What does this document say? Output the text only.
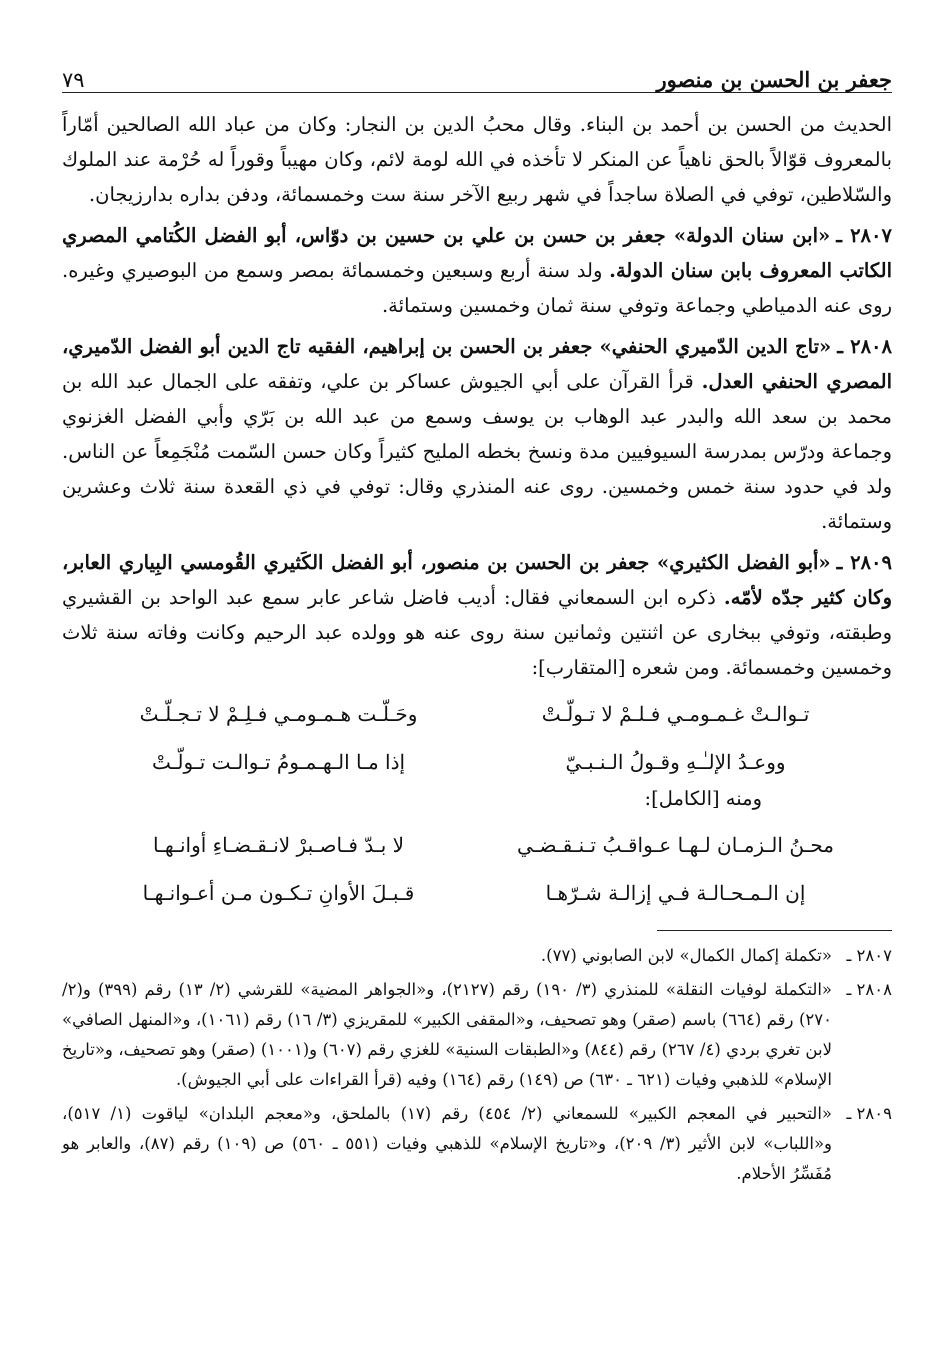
جعفر بن الحسن بن منصور
٧٩

الحديث من الحسن بن أحمد بن البناء. وقال محبُ الدين بن النجار: وكان من عباد الله الصالحين أمّاراً بالمعروف قوّالاً بالحق ناهياً عن المنكر لا تأخذه في الله لومة لائم، وكان مهيباً وقوراً له حُرْمة عند الملوك والسّلاطين، توفي في الصلاة ساجداً في شهر ربيع الآخر سنة ست وخمسمائة، ودفن بداره بدارزيجان.

٢٨٠٧ ـ«ابن سنان الدولة» جعفر بن حسن بن علي بن حسين بن دوّاس، أبو الفضل الكُتامي المصري الكاتب المعروف بابن سنان الدولة. ولد سنة أربع وسبعين وخمسمائة بمصر وسمع من البوصيري وغيره. روى عنه الدمياطي وجماعة وتوفي سنة ثمان وخمسين وستمائة.

٢٨٠٨ ـ«تاج الدين الدّميري الحنفي» جعفر بن الحسن بن إبراهيم، الفقيه تاج الدين أبو الفضل الدّميري، المصري الحنفي العدل. قرأ القرآن على أبي الجيوش عساكر بن علي، وتفقه على الجمال عبد الله بن محمد بن سعد الله والبدر عبد الوهاب بن يوسف وسمع من عبد الله بن بَرّي وأبي الفضل الغزنوي وجماعة ودرّس بمدرسة السيوفيين مدة ونسخ بخطه المليح كثيراً وكان حسن السّمت مُنْجَمِعاً عن الناس. ولد في حدود سنة خمس وخمسين. روى عنه المنذري وقال: توفي في ذي القعدة سنة ثلاث وعشرين وستمائة.

٢٨٠٩ ـ«أبو الفضل الكثيري» جعفر بن الحسن بن منصور، أبو الفضل الكَثيري القُومسي البِياري العابر، وكان كثير جدّه لأمّه. ذكره ابن السمعاني فقال: أديب فاضل شاعر عابر سمع عبد الواحد بن القشيري وطبقته، وتوفي ببخارى عن اثنتين وثمانين سنة روى عنه هو وولده عبد الرحيم وكانت وفاته سنة ثلاث وخمسين وخمسمائة. ومن شعره [المتقارب]:

تـوالـتْ غـمـومـي فـلـمْ لا تـولّـتْ
وحَـلّـت هـمـومـي فـلِـمْ لا تـجـلّـتْ
ووعـدُ الإلـٰـهِ وقـولُ الـنـبـيّ
إذا مـا الـهـمـومُ تـوالـت تـولّـتْ

ومنه [الكامل]:

محـنُ الـزمـان لـهـا عـواقـبُ تـنـقـضـي
لا بـدّ فـاصـبرْ لانـقـضـاءِ أوانـهـا
إن الـمـحـالـة فـي إزالـة شـرّهـا
قـبـلَ الأوانِ تـكـون مـن أعـوانـهـا
٢٨٠٧ ـ
«تكملة إكمال الكمال» لابن الصابوني (٧٧).
٢٨٠٨ ـ
«التكملة لوفيات النقلة» للمنذري (٣/ ١٩٠) رقم (٢١٢٧)، و«الجواهر المضية» للقرشي (٢/ ١٣) رقم (٣٩٩) و(٢/ ٢٧٠) رقم (٦٦٤) باسم (صقر) وهو تصحيف، و«المقفى الكبير» للمقريزي (٣/ ١٦) رقم (١٠٦١)، و«المنهل الصافي» لابن تغري بردي (٤/ ٢٦٧) رقم (٨٤٤) و«الطبقات السنية» للغزي رقم (٦٠٧) و(١٠٠١) (صقر) وهو تصحيف، و«تاريخ الإسلام» للذهبي وفيات (٦٢١ ـ ٦٣٠) ص (١٤٩) رقم (١٦٤) وفيه (قرأ القراءات على أبي الجيوش).
٢٨٠٩ ـ
«التحبير في المعجم الكبير» للسمعاني (٢/ ٤٥٤) رقم (١٧) بالملحق، و«معجم البلدان» لياقوت (١/ ٥١٧)، و«اللباب» لابن الأثير (٣/ ٢٠٩)، و«تاريخ الإسلام» للذهبي وفيات (٥٥١ ـ ٥٦٠) ص (١٠٩) رقم (٨٧)، والعابر هو مُفَسِّرُ الأحلام.
